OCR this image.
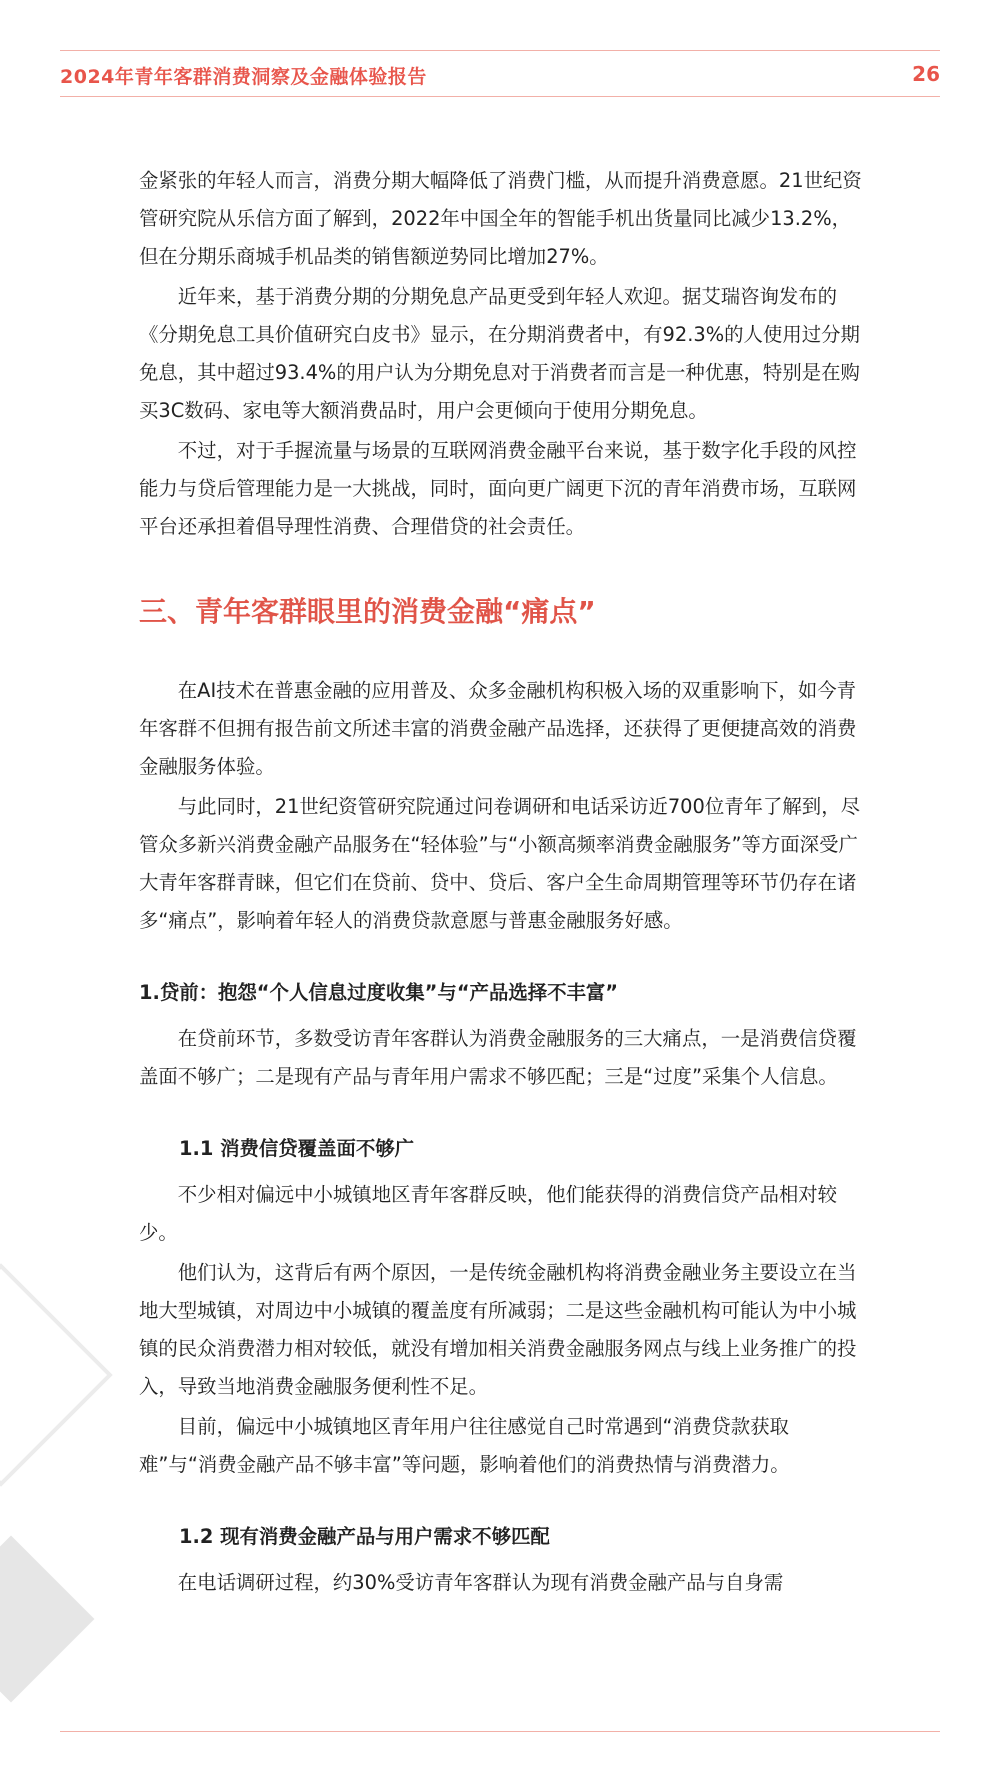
2024年青年客群消费洞察及金融体验报告	26

金紧张的年轻人而言，消费分期大幅降低了消费门槛，从而提升消费意愿。21世纪资管研究院从乐信方面了解到，2022年中国全年的智能手机出货量同比减少13.2%，但在分期乐商城手机品类的销售额逆势同比增加27%。

近年来，基于消费分期的分期免息产品更受到年轻人欢迎。据艾瑞咨询发布的《分期免息工具价值研究白皮书》显示，在分期消费者中，有92.3%的人使用过分期免息，其中超过93.4%的用户认为分期免息对于消费者而言是一种优惠，特别是在购买3C数码、家电等大额消费品时，用户会更倾向于使用分期免息。

不过，对于手握流量与场景的互联网消费金融平台来说，基于数字化手段的风控能力与贷后管理能力是一大挑战，同时，面向更广阔更下沉的青年消费市场，互联网平台还承担着倡导理性消费、合理借贷的社会责任。

三、青年客群眼里的消费金融“痛点”

在AI技术在普惠金融的应用普及、众多金融机构积极入场的双重影响下，如今青年客群不但拥有报告前文所述丰富的消费金融产品选择，还获得了更便捷高效的消费金融服务体验。

与此同时，21世纪资管研究院通过问卷调研和电话采访近700位青年了解到，尽管众多新兴消费金融产品服务在“轻体验”与“小额高频率消费金融服务”等方面深受广大青年客群青睐，但它们在贷前、贷中、贷后、客户全生命周期管理等环节仍存在诸多“痛点”，影响着年轻人的消费贷款意愿与普惠金融服务好感。

1.贷前：抱怨“个人信息过度收集”与“产品选择不丰富”

在贷前环节，多数受访青年客群认为消费金融服务的三大痛点，一是消费信贷覆盖面不够广；二是现有产品与青年用户需求不够匹配；三是“过度”采集个人信息。

1.1 消费信贷覆盖面不够广

不少相对偏远中小城镇地区青年客群反映，他们能获得的消费信贷产品相对较少。

他们认为，这背后有两个原因，一是传统金融机构将消费金融业务主要设立在当地大型城镇，对周边中小城镇的覆盖度有所减弱；二是这些金融机构可能认为中小城镇的民众消费潜力相对较低，就没有增加相关消费金融服务网点与线上业务推广的投入，导致当地消费金融服务便利性不足。

目前，偏远中小城镇地区青年用户往往感觉自己时常遇到“消费贷款获取难”与“消费金融产品不够丰富”等问题，影响着他们的消费热情与消费潜力。

1.2 现有消费金融产品与用户需求不够匹配

在电话调研过程，约30%受访青年客群认为现有消费金融产品与自身需
